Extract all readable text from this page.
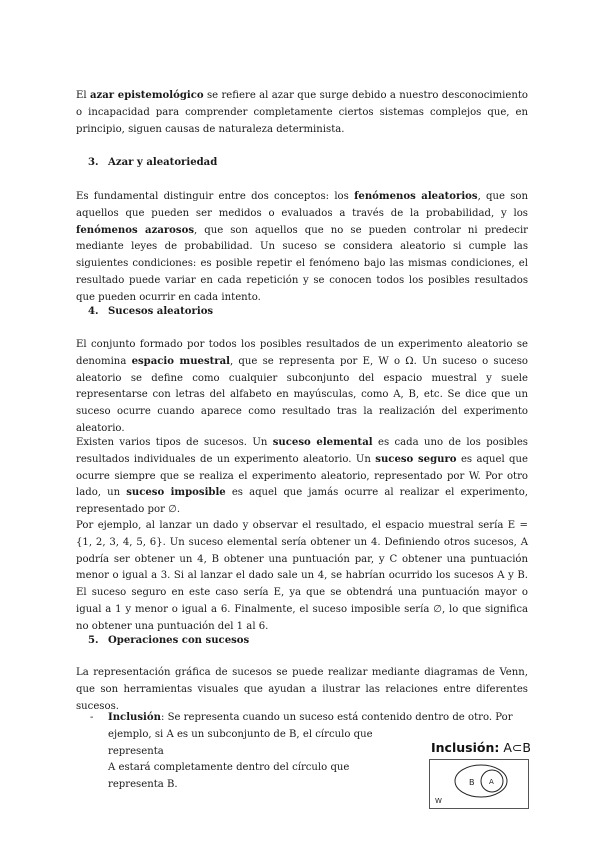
El azar epistemológico se refiere al azar que surge debido a nuestro desconocimiento o incapacidad para comprender completamente ciertos sistemas complejos que, en principio, siguen causas de naturaleza determinista.

3. Azar y aleatoriedad

Es fundamental distinguir entre dos conceptos: los fenómenos aleatorios, que son aquellos que pueden ser medidos o evaluados a través de la probabilidad, y los fenómenos azarosos, que son aquellos que no se pueden controlar ni predecir mediante leyes de probabilidad. Un suceso se considera aleatorio si cumple las siguientes condiciones: es posible repetir el fenómeno bajo las mismas condiciones, el resultado puede variar en cada repetición y se conocen todos los posibles resultados que pueden ocurrir en cada intento.

4. Sucesos aleatorios

El conjunto formado por todos los posibles resultados de un experimento aleatorio se denomina espacio muestral, que se representa por E, W o Ω. Un suceso o suceso aleatorio se define como cualquier subconjunto del espacio muestral y suele representarse con letras del alfabeto en mayúsculas, como A, B, etc. Se dice que un suceso ocurre cuando aparece como resultado tras la realización del experimento aleatorio.

Existen varios tipos de sucesos. Un suceso elemental es cada uno de los posibles resultados individuales de un experimento aleatorio. Un suceso seguro es aquel que ocurre siempre que se realiza el experimento aleatorio, representado por W. Por otro lado, un suceso imposible es aquel que jamás ocurre al realizar el experimento, representado por ∅.

Por ejemplo, al lanzar un dado y observar el resultado, el espacio muestral sería E = {1, 2, 3, 4, 5, 6}. Un suceso elemental sería obtener un 4. Definiendo otros sucesos, A podría ser obtener un 4, B obtener una puntuación par, y C obtener una puntuación menor o igual a 3. Si al lanzar el dado sale un 4, se habrían ocurrido los sucesos A y B. El suceso seguro en este caso sería E, ya que se obtendrá una puntuación mayor o igual a 1 y menor o igual a 6. Finalmente, el suceso imposible sería ∅, lo que significa no obtener una puntuación del 1 al 6.

5. Operaciones con sucesos

La representación gráfica de sucesos se puede realizar mediante diagramas de Venn, que son herramientas visuales que ayudan a ilustrar las relaciones entre diferentes sucesos.

- Inclusión: Se representa cuando un suceso está contenido dentro de otro. Por
ejemplo, si A es un subconjunto de B, el círculo que representa
A estará completamente dentro del círculo que representa B.
Inclusión: A⊂B
B A
W
